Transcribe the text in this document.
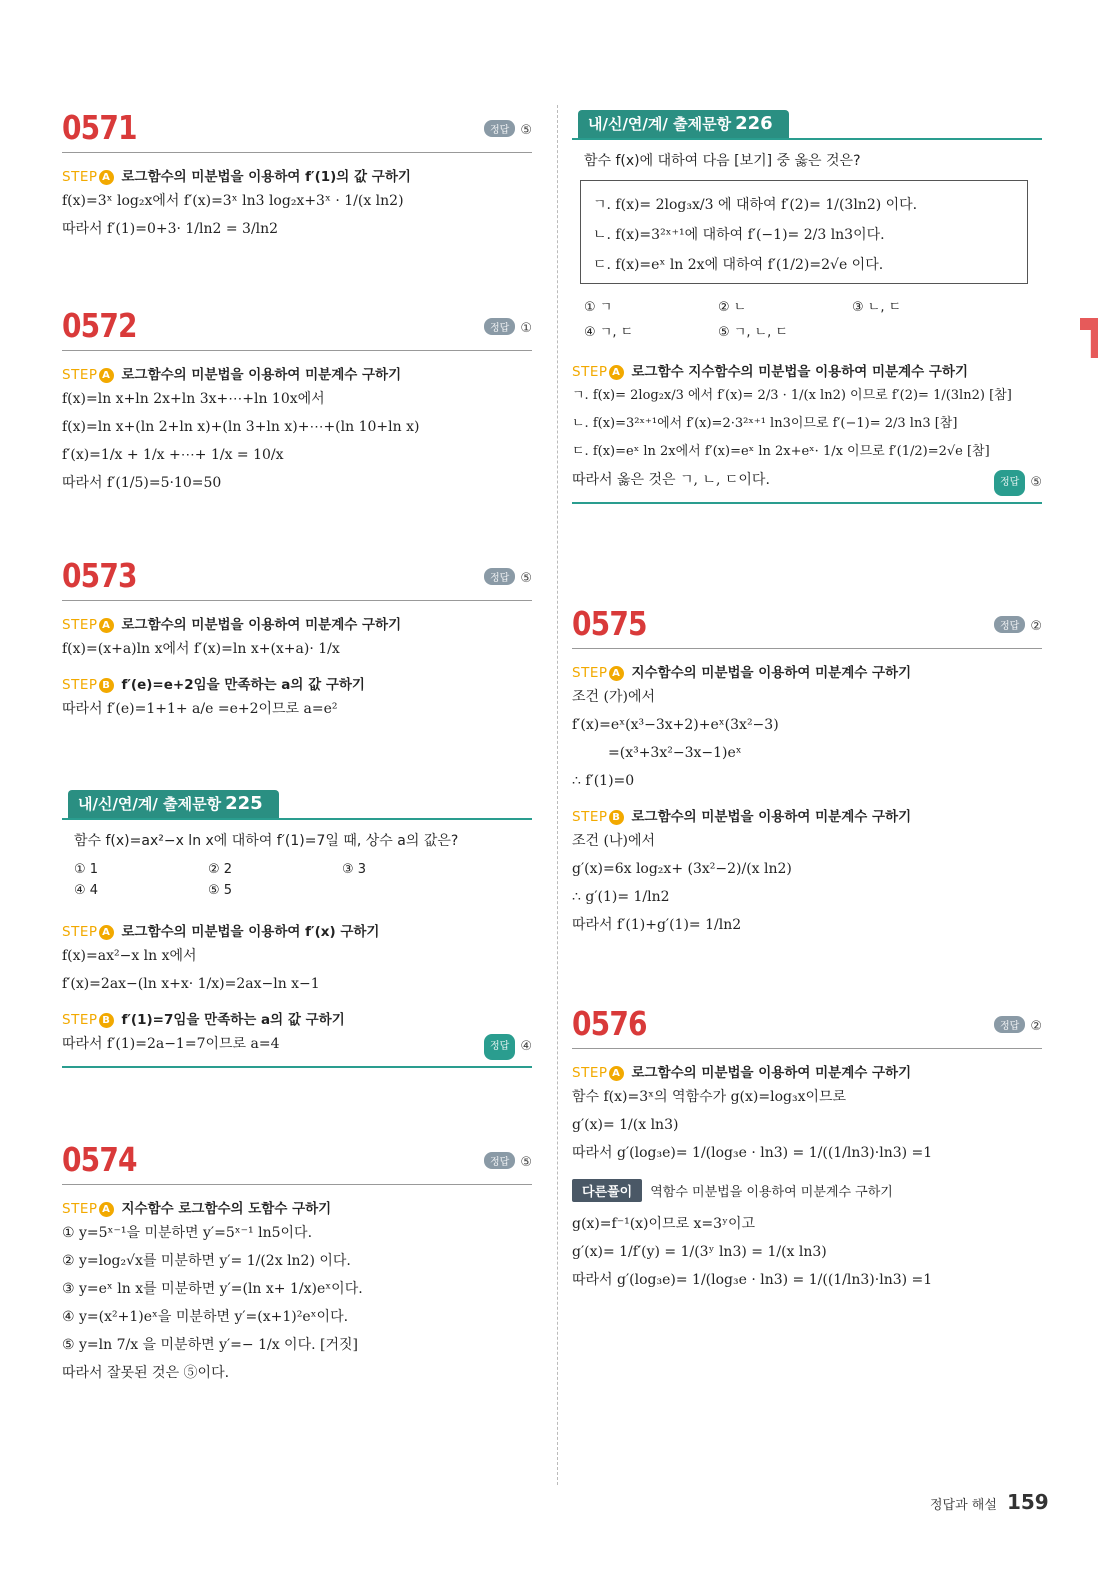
0571	정답 ⑤
STEP A 로그함수의 미분법을 이용하여 f′(1)의 값 구하기
f(x)=3ˣ log₂x에서 f′(x)=3ˣ ln3 log₂x+3ˣ · 1/(x ln2)
따라서 f′(1)=0+3· 1/ln2 = 3/ln2
0572	정답 ①
STEP A 로그함수의 미분법을 이용하여 미분계수 구하기
f(x)=ln x+ln 2x+ln 3x+⋯+ln 10x에서
f(x)=ln x+(ln 2+ln x)+(ln 3+ln x)+⋯+(ln 10+ln x)
f′(x)=1/x + 1/x +⋯+ 1/x = 10/x
따라서 f′(1/5)=5·10=50
0573	정답 ⑤
STEP A 로그함수의 미분법을 이용하여 미분계수 구하기
f(x)=(x+a)ln x에서 f′(x)=ln x+(x+a)· 1/x
STEP B f′(e)=e+2임을 만족하는 a의 값 구하기
따라서 f′(e)=1+1+ a/e =e+2이므로 a=e²
내/신/연/계/ 출제문항 225
함수 f(x)=ax²−x ln x에 대하여 f′(1)=7일 때, 상수 a의 값은?
① 1	② 2	③ 3
④ 4	⑤ 5
STEP A 로그함수의 미분법을 이용하여 f′(x) 구하기
f(x)=ax²−x ln x에서
f′(x)=2ax−(ln x+x· 1/x)=2ax−ln x−1
STEP B f′(1)=7임을 만족하는 a의 값 구하기
따라서 f′(1)=2a−1=7이므로 a=4	정답 ④
0574	정답 ⑤
STEP A 지수함수 로그함수의 도함수 구하기
① y=5ˣ⁻¹을 미분하면 y′=5ˣ⁻¹ ln5이다.
② y=log₂√x를 미분하면 y′= 1/(2x ln2) 이다.
③ y=eˣ ln x를 미분하면 y′=(ln x+ 1/x)eˣ이다.
④ y=(x²+1)eˣ을 미분하면 y′=(x+1)²eˣ이다.
⑤ y=ln 7/x 을 미분하면 y′=− 1/x 이다. [거짓]
따라서 잘못된 것은 ⑤이다.
내/신/연/계/ 출제문항 226
함수 f(x)에 대하여 다음 [보기] 중 옳은 것은?
ㄱ. f(x)= 2log₃x/3 에 대하여 f′(2)= 1/(3ln2) 이다.
ㄴ. f(x)=3²ˣ⁺¹에 대하여 f′(−1)= 2/3 ln3이다.
ㄷ. f(x)=eˣ ln 2x에 대하여 f′(1/2)=2√e 이다.
① ㄱ	② ㄴ	③ ㄴ, ㄷ
④ ㄱ, ㄷ	⑤ ㄱ, ㄴ, ㄷ
STEP A 로그함수 지수함수의 미분법을 이용하여 미분계수 구하기
ㄱ. f(x)= 2log₂x/3 에서 f′(x)= 2/3 · 1/(x ln2) 이므로 f′(2)= 1/(3ln2) [참]
ㄴ. f(x)=3²ˣ⁺¹에서 f′(x)=2·3²ˣ⁺¹ ln3이므로 f′(−1)= 2/3 ln3 [참]
ㄷ. f(x)=eˣ ln 2x에서 f′(x)=eˣ ln 2x+eˣ· 1/x 이므로 f′(1/2)=2√e [참]
따라서 옳은 것은 ㄱ, ㄴ, ㄷ이다.	정답 ⑤
0575	정답 ②
STEP A 지수함수의 미분법을 이용하여 미분계수 구하기
조건 (가)에서
f′(x)=eˣ(x³−3x+2)+eˣ(3x²−3)
=(x³+3x²−3x−1)eˣ
∴ f′(1)=0
STEP B 로그함수의 미분법을 이용하여 미분계수 구하기
조건 (나)에서
g′(x)=6x log₂x+ (3x²−2)/(x ln2)
∴ g′(1)= 1/ln2
따라서 f′(1)+g′(1)= 1/ln2
0576	정답 ②
STEP A 로그함수의 미분법을 이용하여 미분계수 구하기
함수 f(x)=3ˣ의 역함수가 g(x)=log₃x이므로
g′(x)= 1/(x ln3)
따라서 g′(log₃e)= 1/(log₃e · ln3) = 1/((1/ln3)·ln3) =1
다른풀이 역함수 미분법을 이용하여 미분계수 구하기
g(x)=f⁻¹(x)이므로 x=3ʸ이고
g′(x)= 1/f′(y) = 1/(3ʸ ln3) = 1/(x ln3)
따라서 g′(log₃e)= 1/(log₃e · ln3) = 1/((1/ln3)·ln3) =1
정답과 해설 159
